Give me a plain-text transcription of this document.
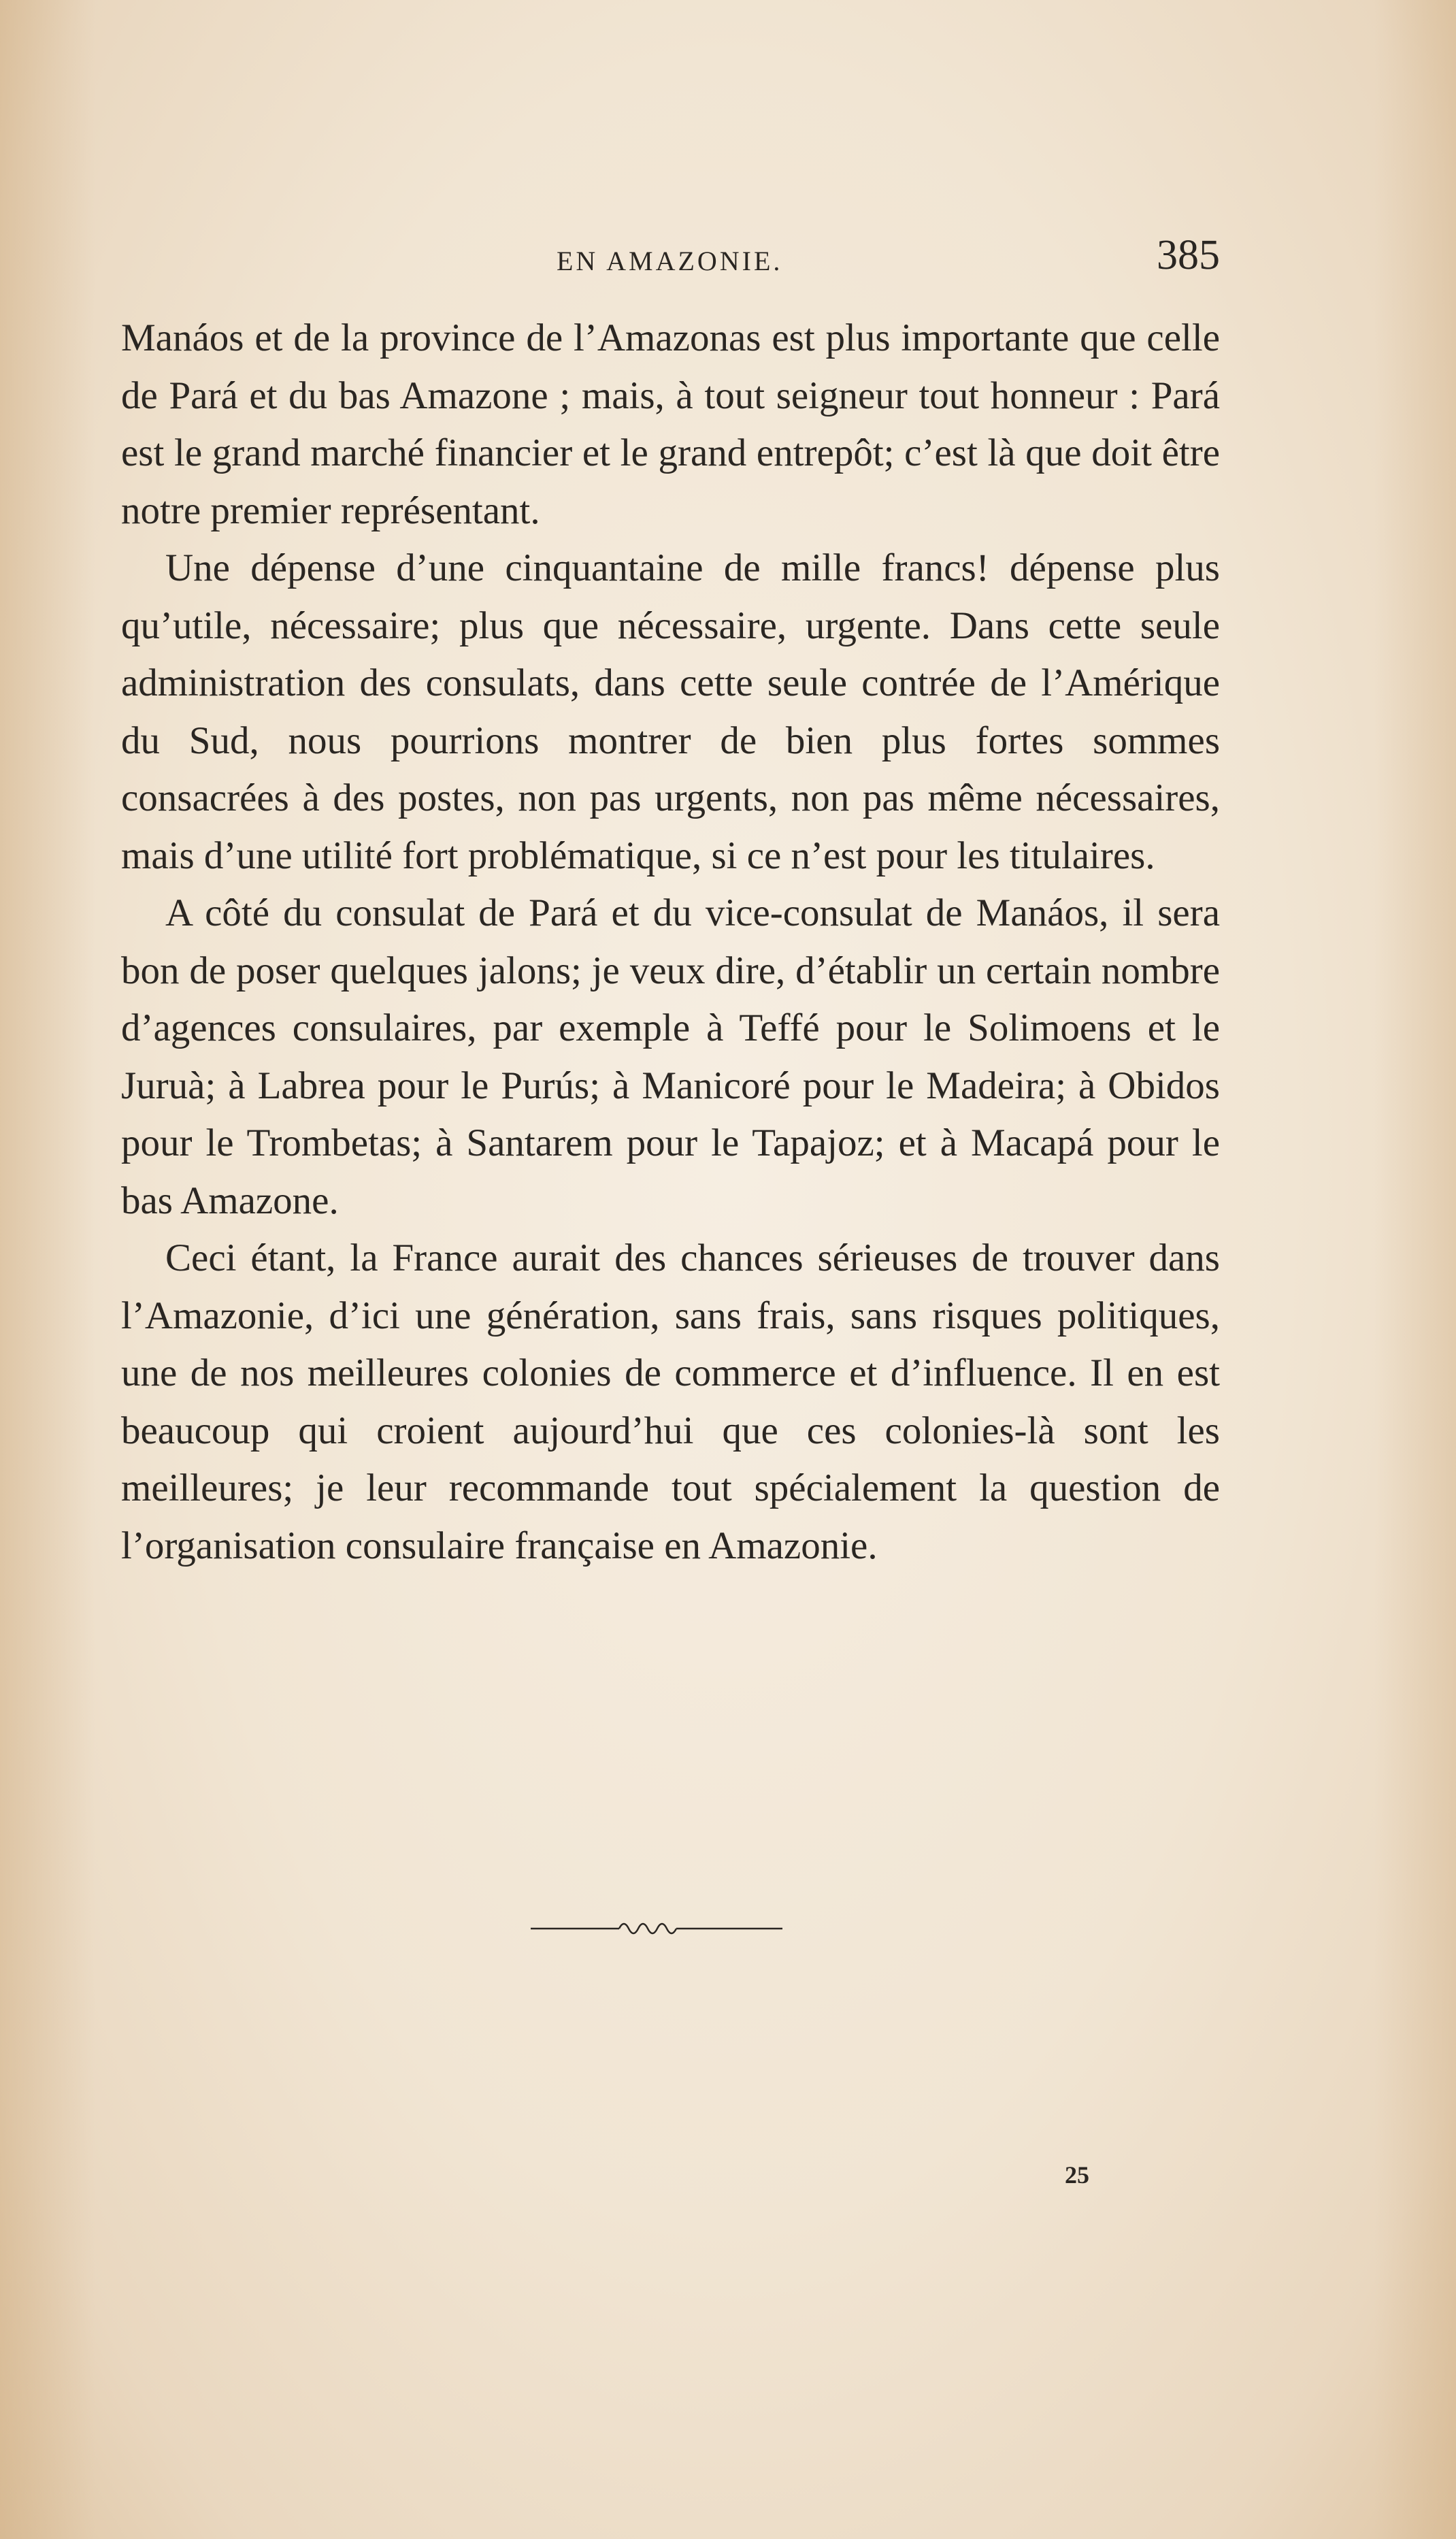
EN AMAZONIE.	385

Manáos et de la province de l’Amazonas est plus importante que celle de Pará et du bas Amazone ; mais, à tout seigneur tout honneur : Pará est le grand marché financier et le grand entrepôt; c’est là que doit être notre premier représentant.

Une dépense d’une cinquantaine de mille francs! dépense plus qu’utile, nécessaire; plus que nécessaire, urgente. Dans cette seule administration des consulats, dans cette seule contrée de l’Amérique du Sud, nous pourrions montrer de bien plus fortes sommes consacrées à des postes, non pas urgents, non pas même nécessaires, mais d’une utilité fort problématique, si ce n’est pour les titulaires.

A côté du consulat de Pará et du vice-consulat de Manáos, il sera bon de poser quelques jalons; je veux dire, d’établir un certain nombre d’agences consulaires, par exemple à Teffé pour le Solimoens et le Juruà; à Labrea pour le Purús; à Manicoré pour le Madeira; à Obidos pour le Trombetas; à Santarem pour le Tapajoz; et à Macapá pour le bas Amazone.

Ceci étant, la France aurait des chances sérieuses de trouver dans l’Amazonie, d’ici une génération, sans frais, sans risques politiques, une de nos meilleures colonies de commerce et d’influence. Il en est beaucoup qui croient aujourd’hui que ces colonies-là sont les meilleures; je leur recommande tout spécialement la question de l’organisation consulaire française en Amazonie.

25
